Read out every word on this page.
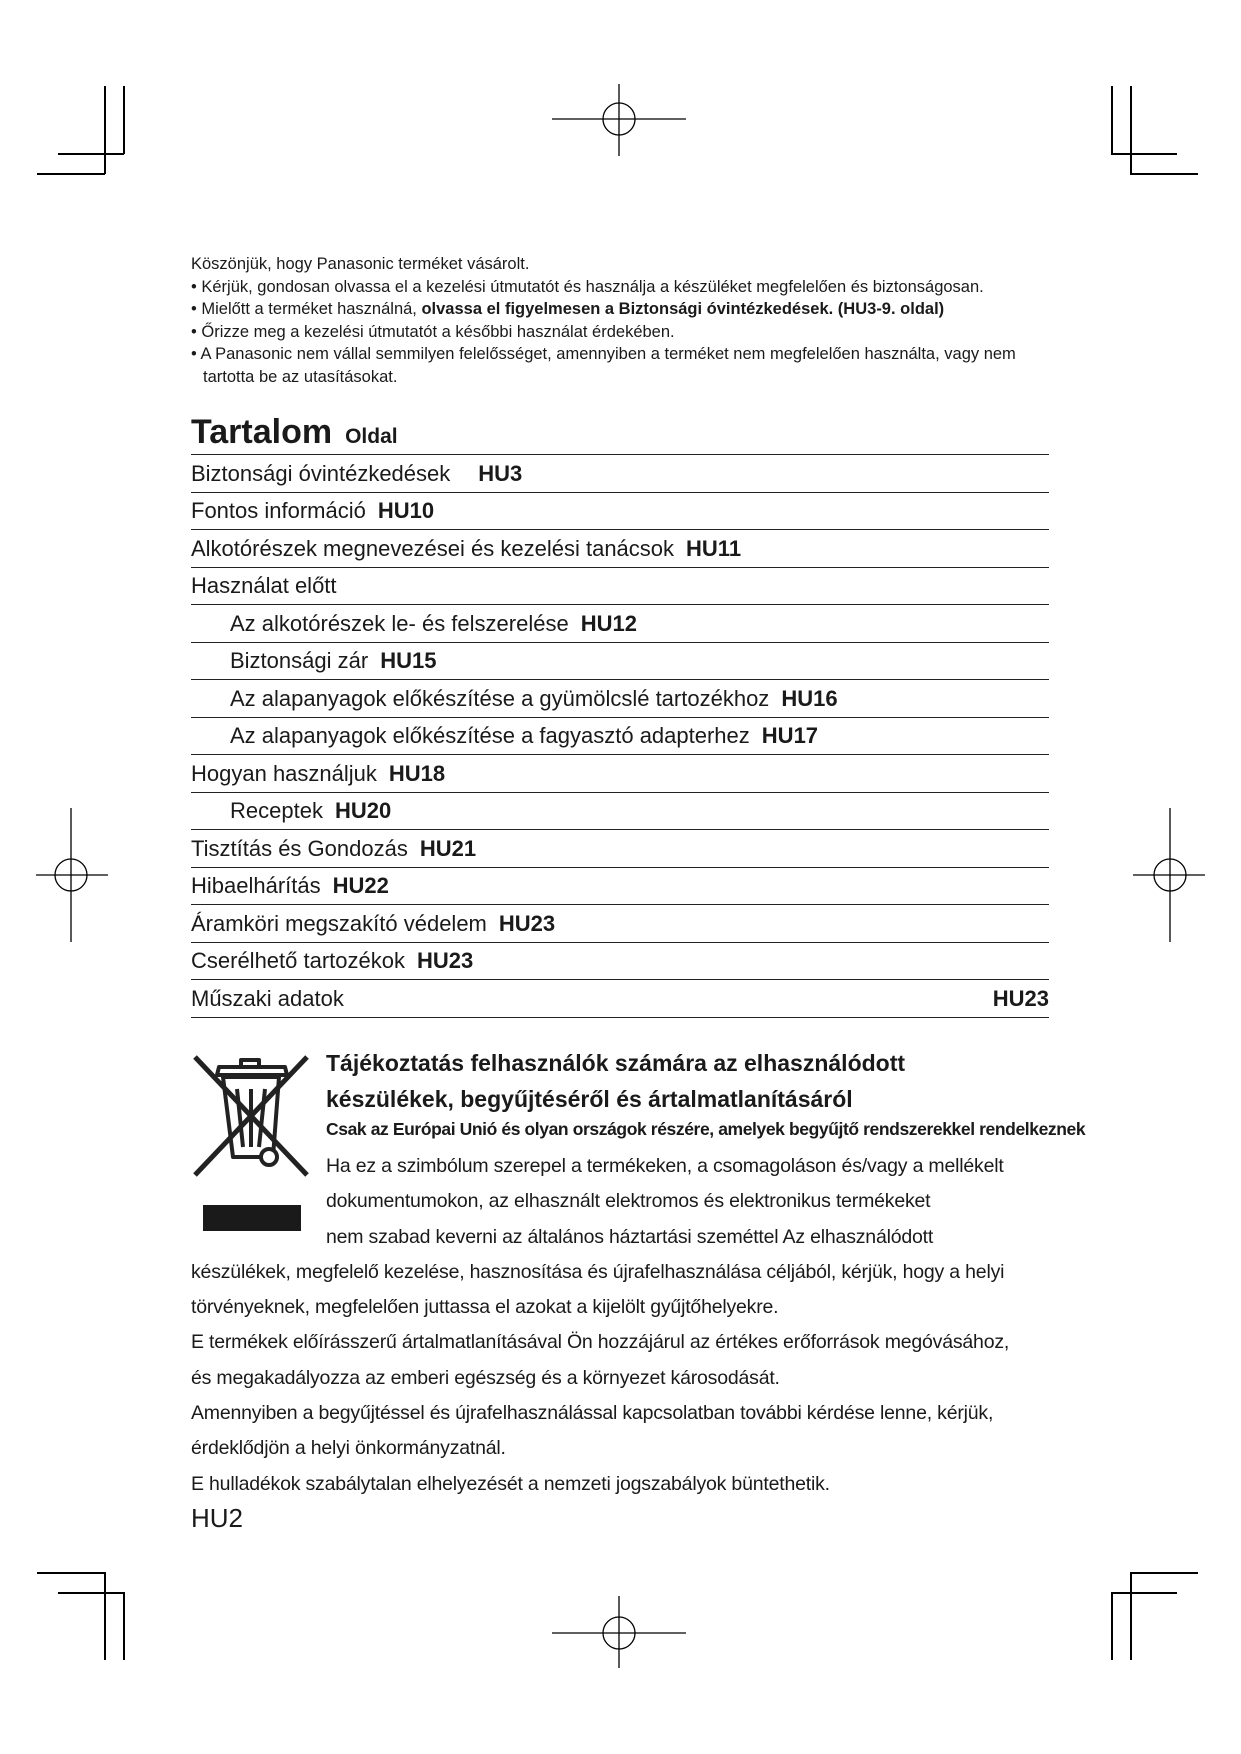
Köszönjük, hogy Panasonic terméket vásárolt.

• Kérjük, gondosan olvassa el a kezelési útmutatót és használja a készüléket megfelelően és biztonságosan.
• Mielőtt a terméket használná, olvassa el figyelmesen a Biztonsági óvintézkedések. (HU3-9. oldal)
• Őrizze meg a kezelési útmutatót a későbbi használat érdekében.
• A Panasonic nem vállal semmilyen felelősséget, amennyiben a terméket nem megfelelően használta, vagy nem tartotta be az utasításokat.
Tartalom Oldal
Biztonsági óvintézkedések HU3
Fontos információ HU10
Alkotórészek megnevezései és kezelési tanácsok HU11
Használat előtt
Az alkotórészek le- és felszerelése HU12
Biztonsági zár HU15
Az alapanyagok előkészítése a gyümölcslé tartozékhoz HU16
Az alapanyagok előkészítése a fagyasztó adapterhez HU17
Hogyan használjuk HU18
Receptek HU20
Tisztítás és Gondozás HU21
Hibaelhárítás HU22
Áramköri megszakító védelem HU23
Cserélhető tartozékok HU23
Műszaki adatok	HU23
Tájékoztatás felhasználók számára az elhasználódott
készülékek, begyűjtéséről és ártalmatlanításáról
Csak az Európai Unió és olyan országok részére, amelyek begyűjtő rendszerekkel rendelkeznek

Ha ez a szimbólum szerepel a termékeken, a csomagoláson és/vagy a mellékelt

dokumentumokon, az elhasznált elektromos és elektronikus termékeket

nem szabad keverni az általános háztartási szeméttel Az elhasználódott

készülékek, megfelelő kezelése, hasznosítása és újrafelhasználása céljából, kérjük, hogy a helyi

törvényeknek, megfelelően juttassa el azokat a kijelölt gyűjtőhelyekre.

E termékek előírásszerű ártalmatlanításával Ön hozzájárul az értékes erőforrások megóvásához,

és megakadályozza az emberi egészség és a környezet károsodását.

Amennyiben a begyűjtéssel és újrafelhasználással kapcsolatban további kérdése lenne, kérjük,

érdeklődjön a helyi önkormányzatnál.

E hulladékok szabálytalan elhelyezését a nemzeti jogszabályok büntethetik.

HU2
